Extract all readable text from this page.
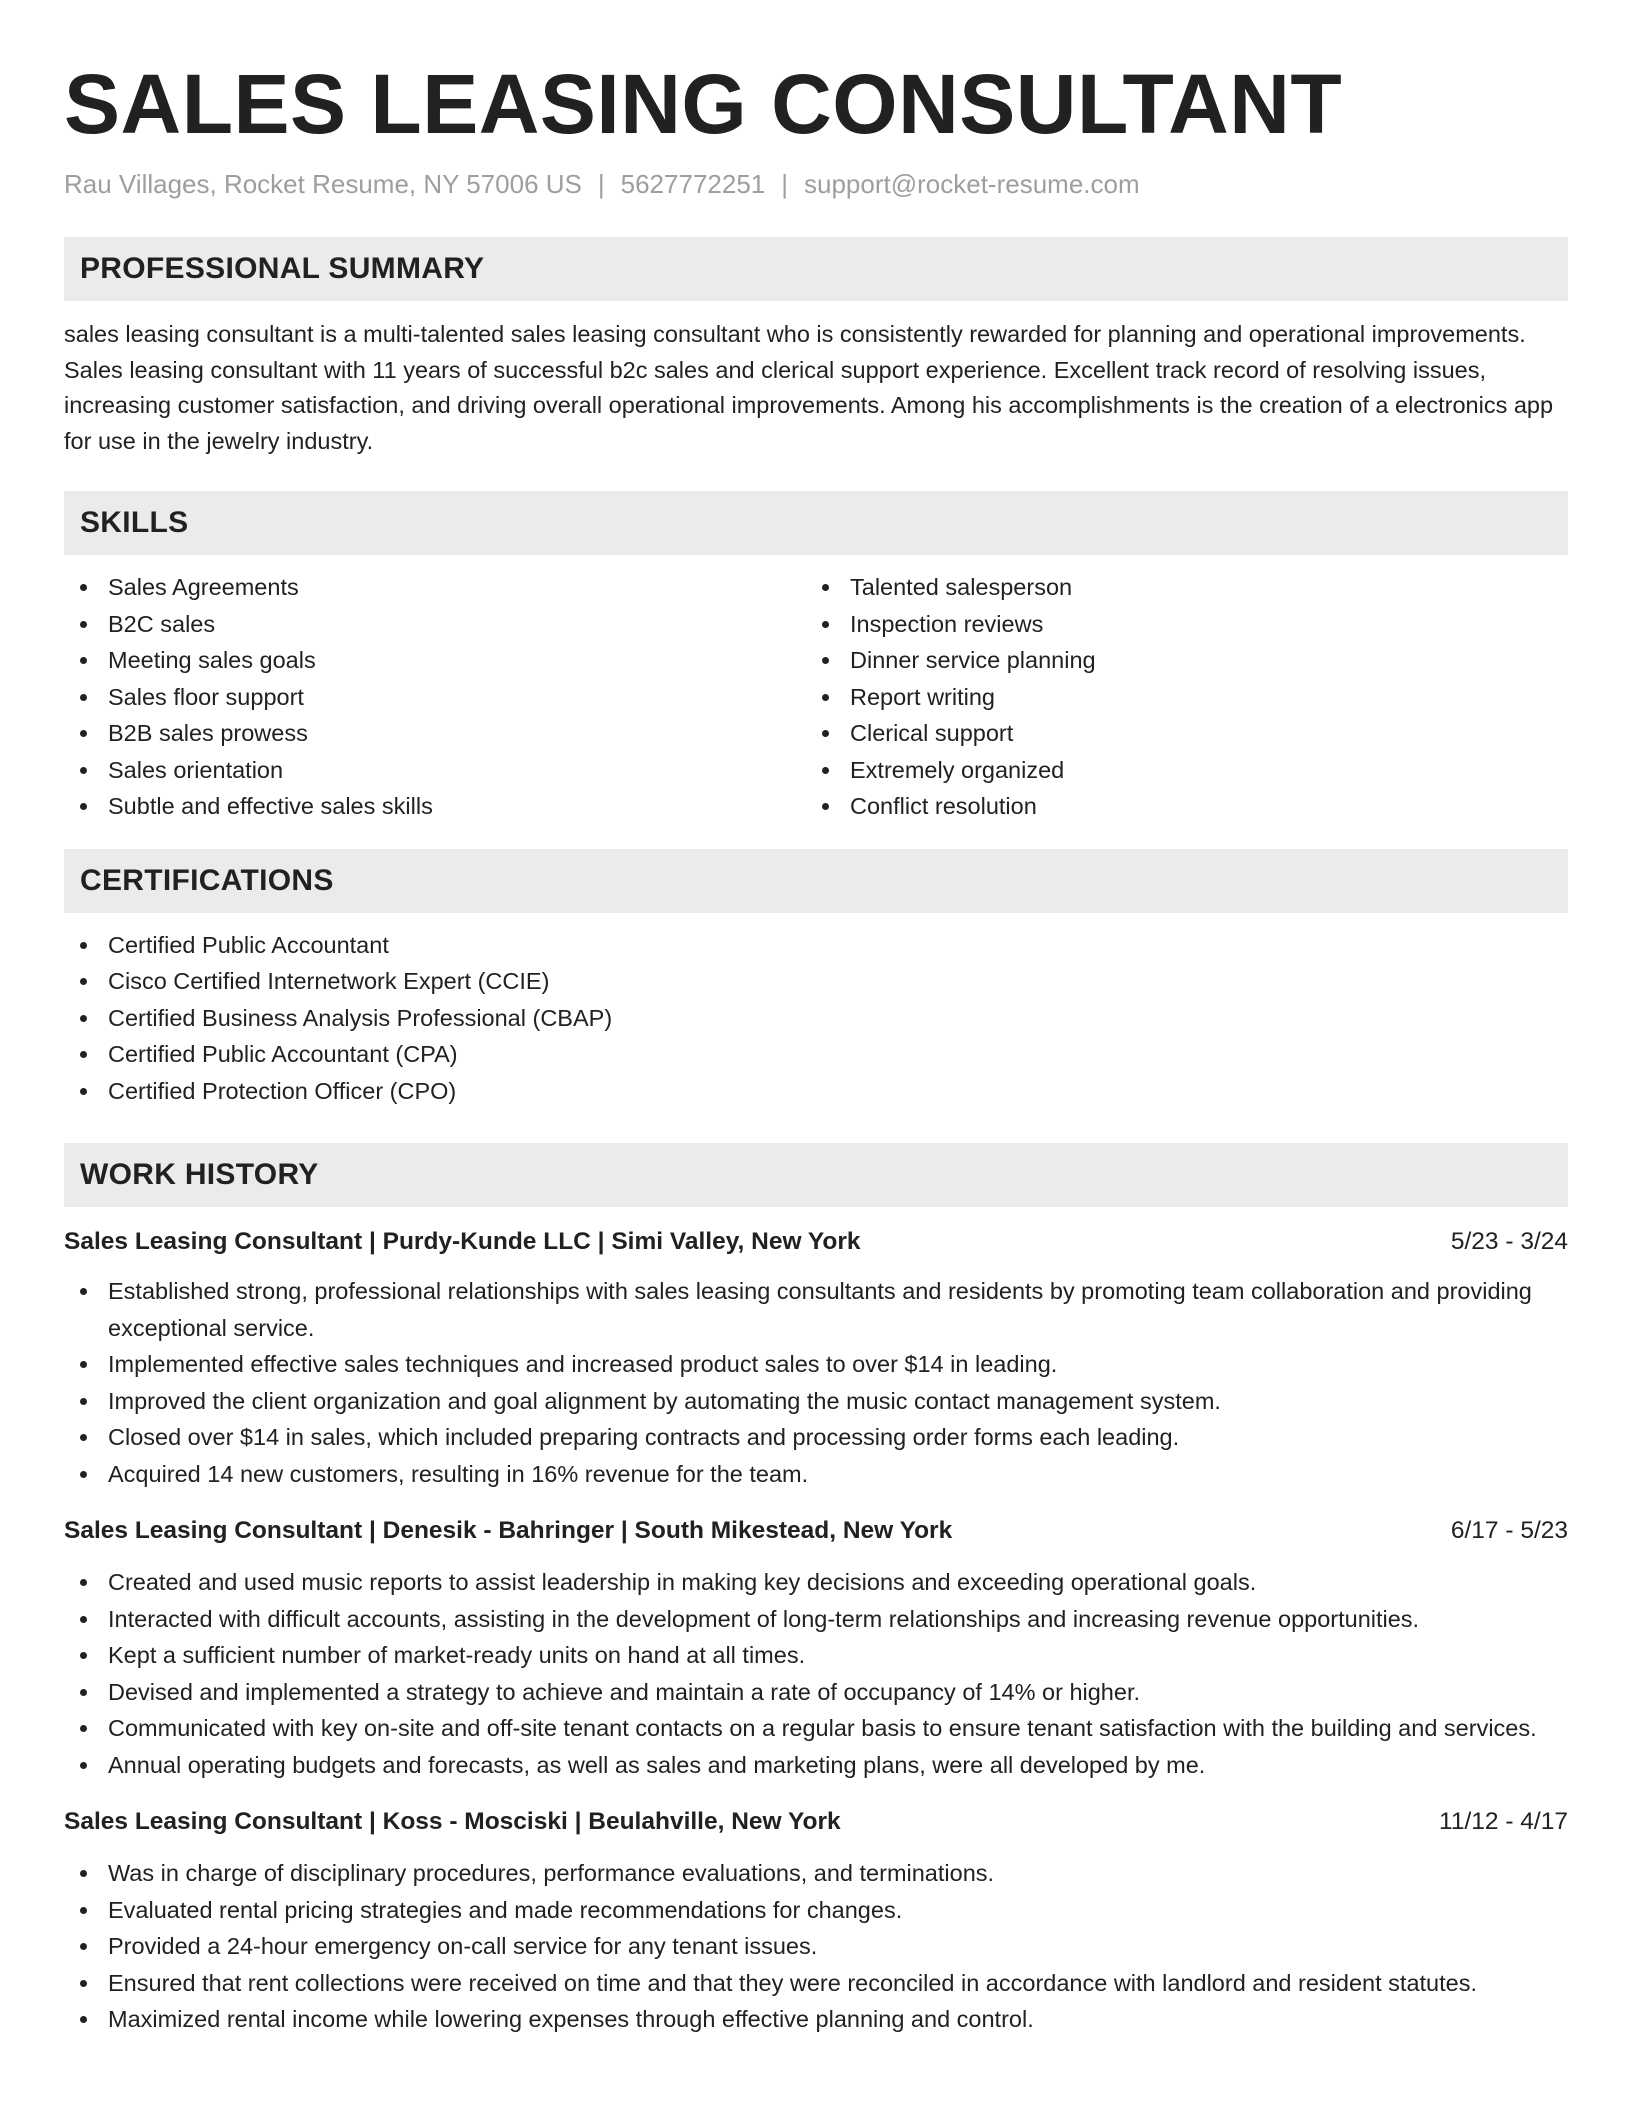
SALES LEASING CONSULTANT
Rau Villages, Rocket Resume, NY 57006 US | 5627772251 | support@rocket-resume.com
PROFESSIONAL SUMMARY
sales leasing consultant is a multi-talented sales leasing consultant who is consistently rewarded for planning and operational improvements. Sales leasing consultant with 11 years of successful b2c sales and clerical support experience. Excellent track record of resolving issues, increasing customer satisfaction, and driving overall operational improvements. Among his accomplishments is the creation of a electronics app for use in the jewelry industry.
SKILLS
Sales Agreements
B2C sales
Meeting sales goals
Sales floor support
B2B sales prowess
Sales orientation
Subtle and effective sales skills
Talented salesperson
Inspection reviews
Dinner service planning
Report writing
Clerical support
Extremely organized
Conflict resolution
CERTIFICATIONS
Certified Public Accountant
Cisco Certified Internetwork Expert (CCIE)
Certified Business Analysis Professional (CBAP)
Certified Public Accountant (CPA)
Certified Protection Officer (CPO)
WORK HISTORY
Sales Leasing Consultant | Purdy-Kunde LLC | Simi Valley, New York	5/23 - 3/24
Established strong, professional relationships with sales leasing consultants and residents by promoting team collaboration and providing exceptional service.
Implemented effective sales techniques and increased product sales to over $14 in leading.
Improved the client organization and goal alignment by automating the music contact management system.
Closed over $14 in sales, which included preparing contracts and processing order forms each leading.
Acquired 14 new customers, resulting in 16% revenue for the team.
Sales Leasing Consultant | Denesik - Bahringer | South Mikestead, New York	6/17 - 5/23
Created and used music reports to assist leadership in making key decisions and exceeding operational goals.
Interacted with difficult accounts, assisting in the development of long-term relationships and increasing revenue opportunities.
Kept a sufficient number of market-ready units on hand at all times.
Devised and implemented a strategy to achieve and maintain a rate of occupancy of 14% or higher.
Communicated with key on-site and off-site tenant contacts on a regular basis to ensure tenant satisfaction with the building and services.
Annual operating budgets and forecasts, as well as sales and marketing plans, were all developed by me.
Sales Leasing Consultant | Koss - Mosciski | Beulahville, New York	11/12 - 4/17
Was in charge of disciplinary procedures, performance evaluations, and terminations.
Evaluated rental pricing strategies and made recommendations for changes.
Provided a 24-hour emergency on-call service for any tenant issues.
Ensured that rent collections were received on time and that they were reconciled in accordance with landlord and resident statutes.
Maximized rental income while lowering expenses through effective planning and control.
